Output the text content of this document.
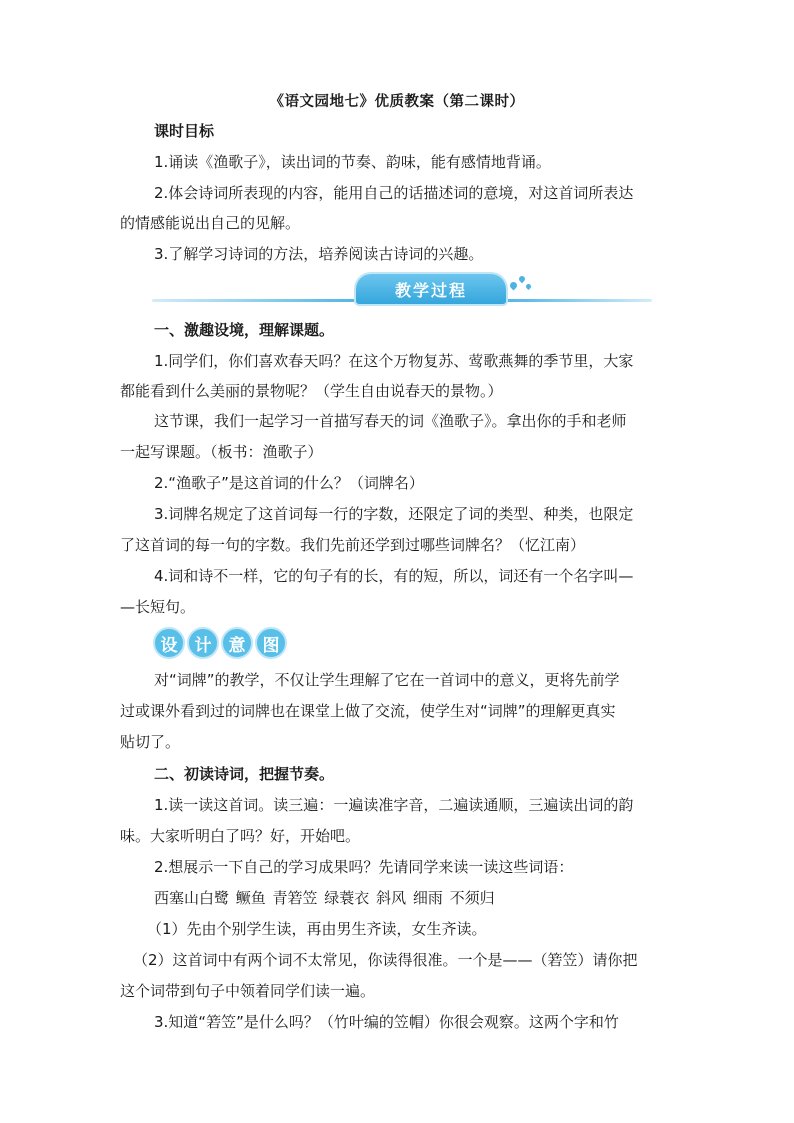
《语文园地七》优质教案（第二课时）
课时目标
1.诵读《渔歌子》，读出词的节奏、韵味，能有感情地背诵。
2.体会诗词所表现的内容，能用自己的话描述词的意境，对这首词所表达
的情感能说出自己的见解。
3.了解学习诗词的方法，培养阅读古诗词的兴趣。
教学过程
一、激趣设境，理解课题。
1.同学们，你们喜欢春天吗？在这个万物复苏、莺歌燕舞的季节里，大家
都能看到什么美丽的景物呢？（学生自由说春天的景物。）
这节课，我们一起学习一首描写春天的词《渔歌子》。拿出你的手和老师
一起写课题。（板书：渔歌子）
2.“渔歌子”是这首词的什么？（词牌名）
3.词牌名规定了这首词每一行的字数，还限定了词的类型、种类，也限定
了这首词的每一句的字数。我们先前还学到过哪些词牌名？（忆江南）
4.词和诗不一样，它的句子有的长，有的短，所以，词还有一个名字叫—
—长短句。
设	计	意	图
对“词牌”的教学，不仅让学生理解了它在一首词中的意义，更将先前学
过或课外看到过的词牌也在课堂上做了交流，使学生对“词牌”的理解更真实
贴切了。
二、初读诗词，把握节奏。
1.读一读这首词。读三遍：一遍读准字音，二遍读通顺，三遍读出词的韵
味。大家听明白了吗？好，开始吧。
2.想展示一下自己的学习成果吗？先请同学来读一读这些词语：
西塞山白鹭 鳜鱼 青箬笠 绿蓑衣 斜风 细雨 不须归
（1）先由个别学生读，再由男生齐读，女生齐读。
（2）这首词中有两个词不太常见，你读得很准。一个是——（箬笠）请你把
这个词带到句子中领着同学们读一遍。
3.知道“箬笠”是什么吗？（竹叶编的笠帽）你很会观察。这两个字和竹
